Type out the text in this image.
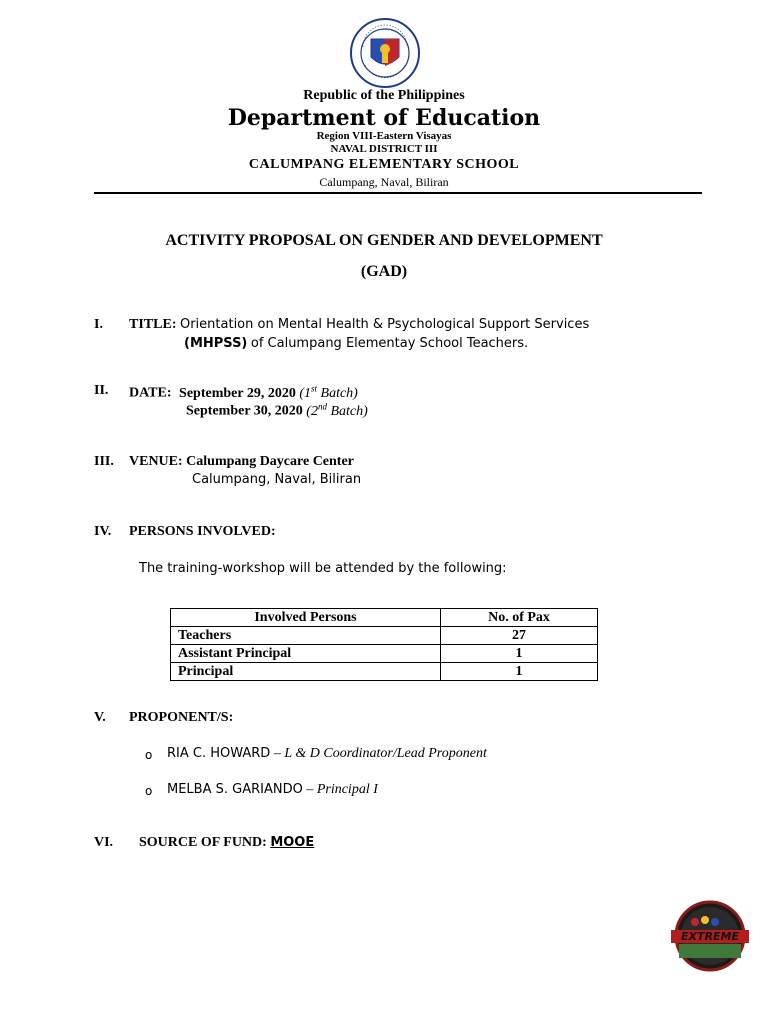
Republic of the Philippines
Department of Education
Region VIII-Eastern Visayas
NAVAL DISTRICT III
CALUMPANG ELEMENTARY SCHOOL
Calumpang, Naval, Biliran
ACTIVITY PROPOSAL ON GENDER AND DEVELOPMENT
(GAD)
I. TITLE: Orientation on Mental Health & Psychological Support Services
(MHPSS) of Calumpang Elementay School Teachers.
II. DATE: September 29, 2020 (1st Batch)
September 30, 2020 (2nd Batch)
III. VENUE: Calumpang Daycare Center
Calumpang, Naval, Biliran
IV. PERSONS INVOLVED:
The training-workshop will be attended by the following:
Involved Persons	No. of Pax
Teachers	27
Assistant Principal	1
Principal	1
V. PROPONENT/S:
o RIA C. HOWARD – L & D Coordinator/Lead Proponent
o MELBA S. GARIANDO – Principal I
VI. SOURCE OF FUND: MOOE
EXTREME
